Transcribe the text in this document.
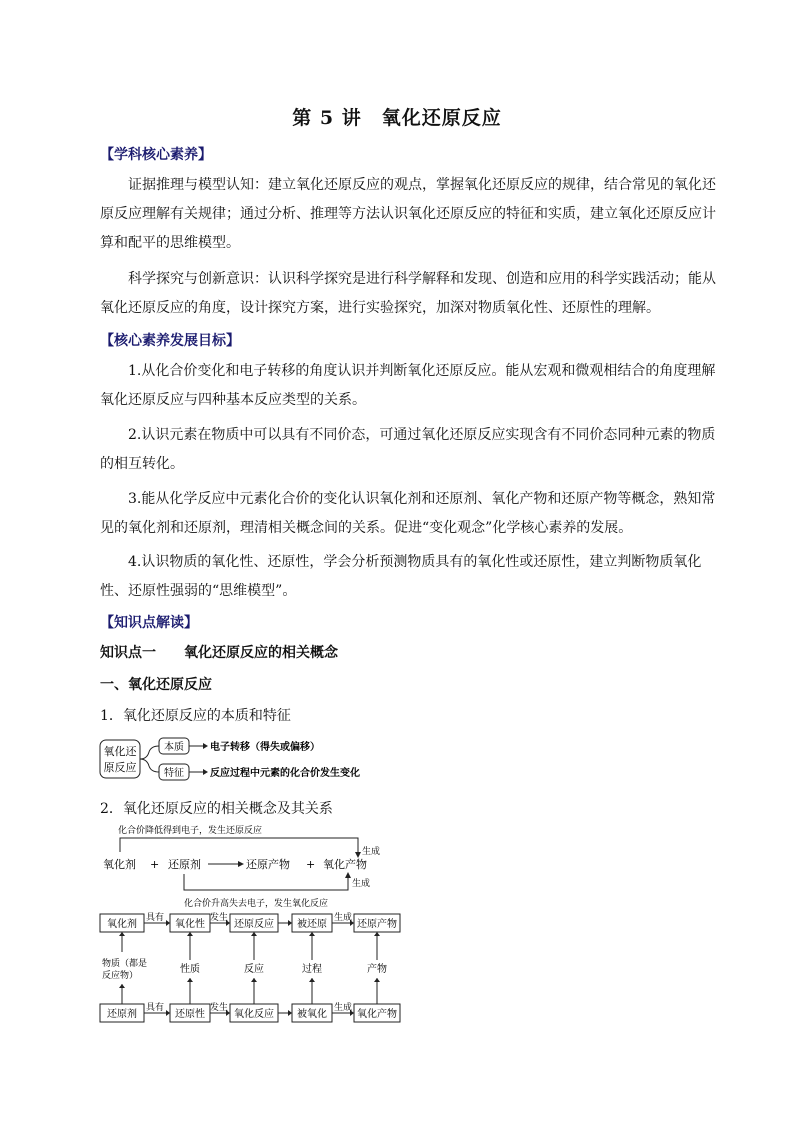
第 5 讲　氧化还原反应
【学科核心素养】

证据推理与模型认知：建立氧化还原反应的观点，掌握氧化还原反应的规律，结合常见的氧化还原反应理解有关规律；通过分析、推理等方法认识氧化还原反应的特征和实质，建立氧化还原反应计算和配平的思维模型。

科学探究与创新意识：认识科学探究是进行科学解释和发现、创造和应用的科学实践活动；能从氧化还原反应的角度，设计探究方案，进行实验探究，加深对物质氧化性、还原性的理解。

【核心素养发展目标】

1.从化合价变化和电子转移的角度认识并判断氧化还原反应。能从宏观和微观相结合的角度理解氧化还原反应与四种基本反应类型的关系。

2.认识元素在物质中可以具有不同价态，可通过氧化还原反应实现含有不同价态同种元素的物质的相互转化。

3.能从化学反应中元素化合价的变化认识氧化剂和还原剂、氧化产物和还原产物等概念，熟知常见的氧化剂和还原剂，理清相关概念间的关系。促进“变化观念”化学核心素养的发展。

4.认识物质的氧化性、还原性，学会分析预测物质具有的氧化性或还原性，建立判断物质氧化性、还原性强弱的“思维模型”。

【知识点解读】
知识点一　　氧化还原反应的相关概念
一、氧化还原反应
1．氧化还原反应的本质和特征
氧化还
原反应
本质
特征
电子转移（得失或偏移）
反应过程中元素的化合价发生变化
2．氧化还原反应的相关概念及其关系
化合价降低得到电子，发生还原反应
生成
氧化剂 + 还原剂	还原产物 + 氧化产物
生成
化合价升高失去电子，发生氧化反应
氧化剂	氧化性	还原反应 被还原	还原产物
具有	发生	生成
物质（都是
反应物）
性质	反应	过程	产物
还原剂	还原性	氧化反应 被氧化	氧化产物
具有	发生	生成
